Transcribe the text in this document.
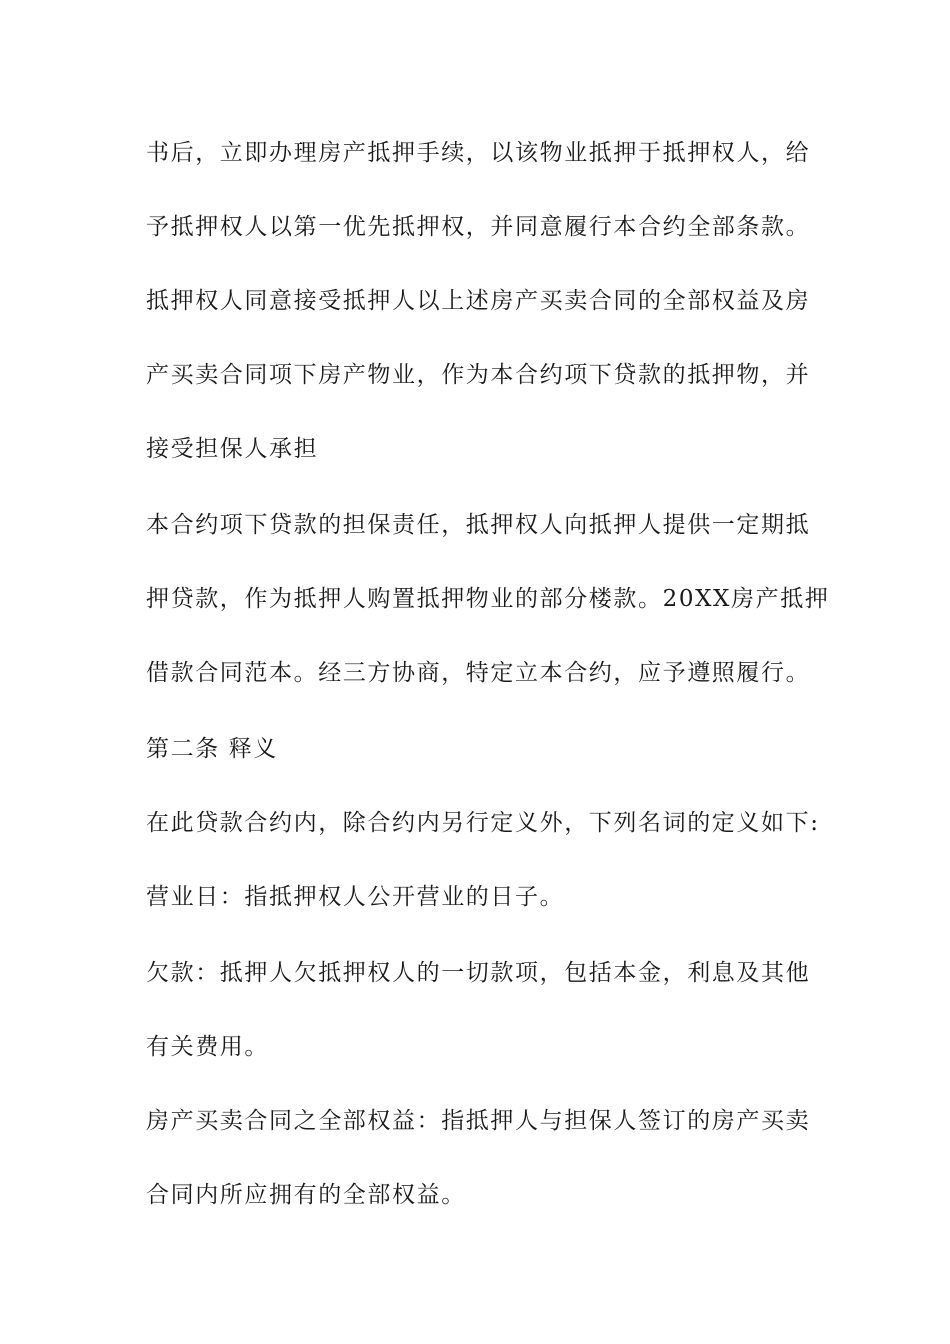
书后，立即办理房产抵押手续，以该物业抵押于抵押权人，给
予抵押权人以第一优先抵押权，并同意履行本合约全部条款。
抵押权人同意接受抵押人以上述房产买卖合同的全部权益及房
产买卖合同项下房产物业，作为本合约项下贷款的抵押物，并
接受担保人承担
本合约项下贷款的担保责任，抵押权人向抵押人提供一定期抵
押贷款，作为抵押人购置抵押物业的部分楼款。20XX房产抵押
借款合同范本。经三方协商，特定立本合约，应予遵照履行。
第二条 释义
在此贷款合约内，除合约内另行定义外，下列名词的定义如下:
营业日：指抵押权人公开营业的日子。
欠款：抵押人欠抵押权人的一切款项，包括本金，利息及其他
有关费用。
房产买卖合同之全部权益：指抵押人与担保人签订的房产买卖
合同内所应拥有的全部权益。
